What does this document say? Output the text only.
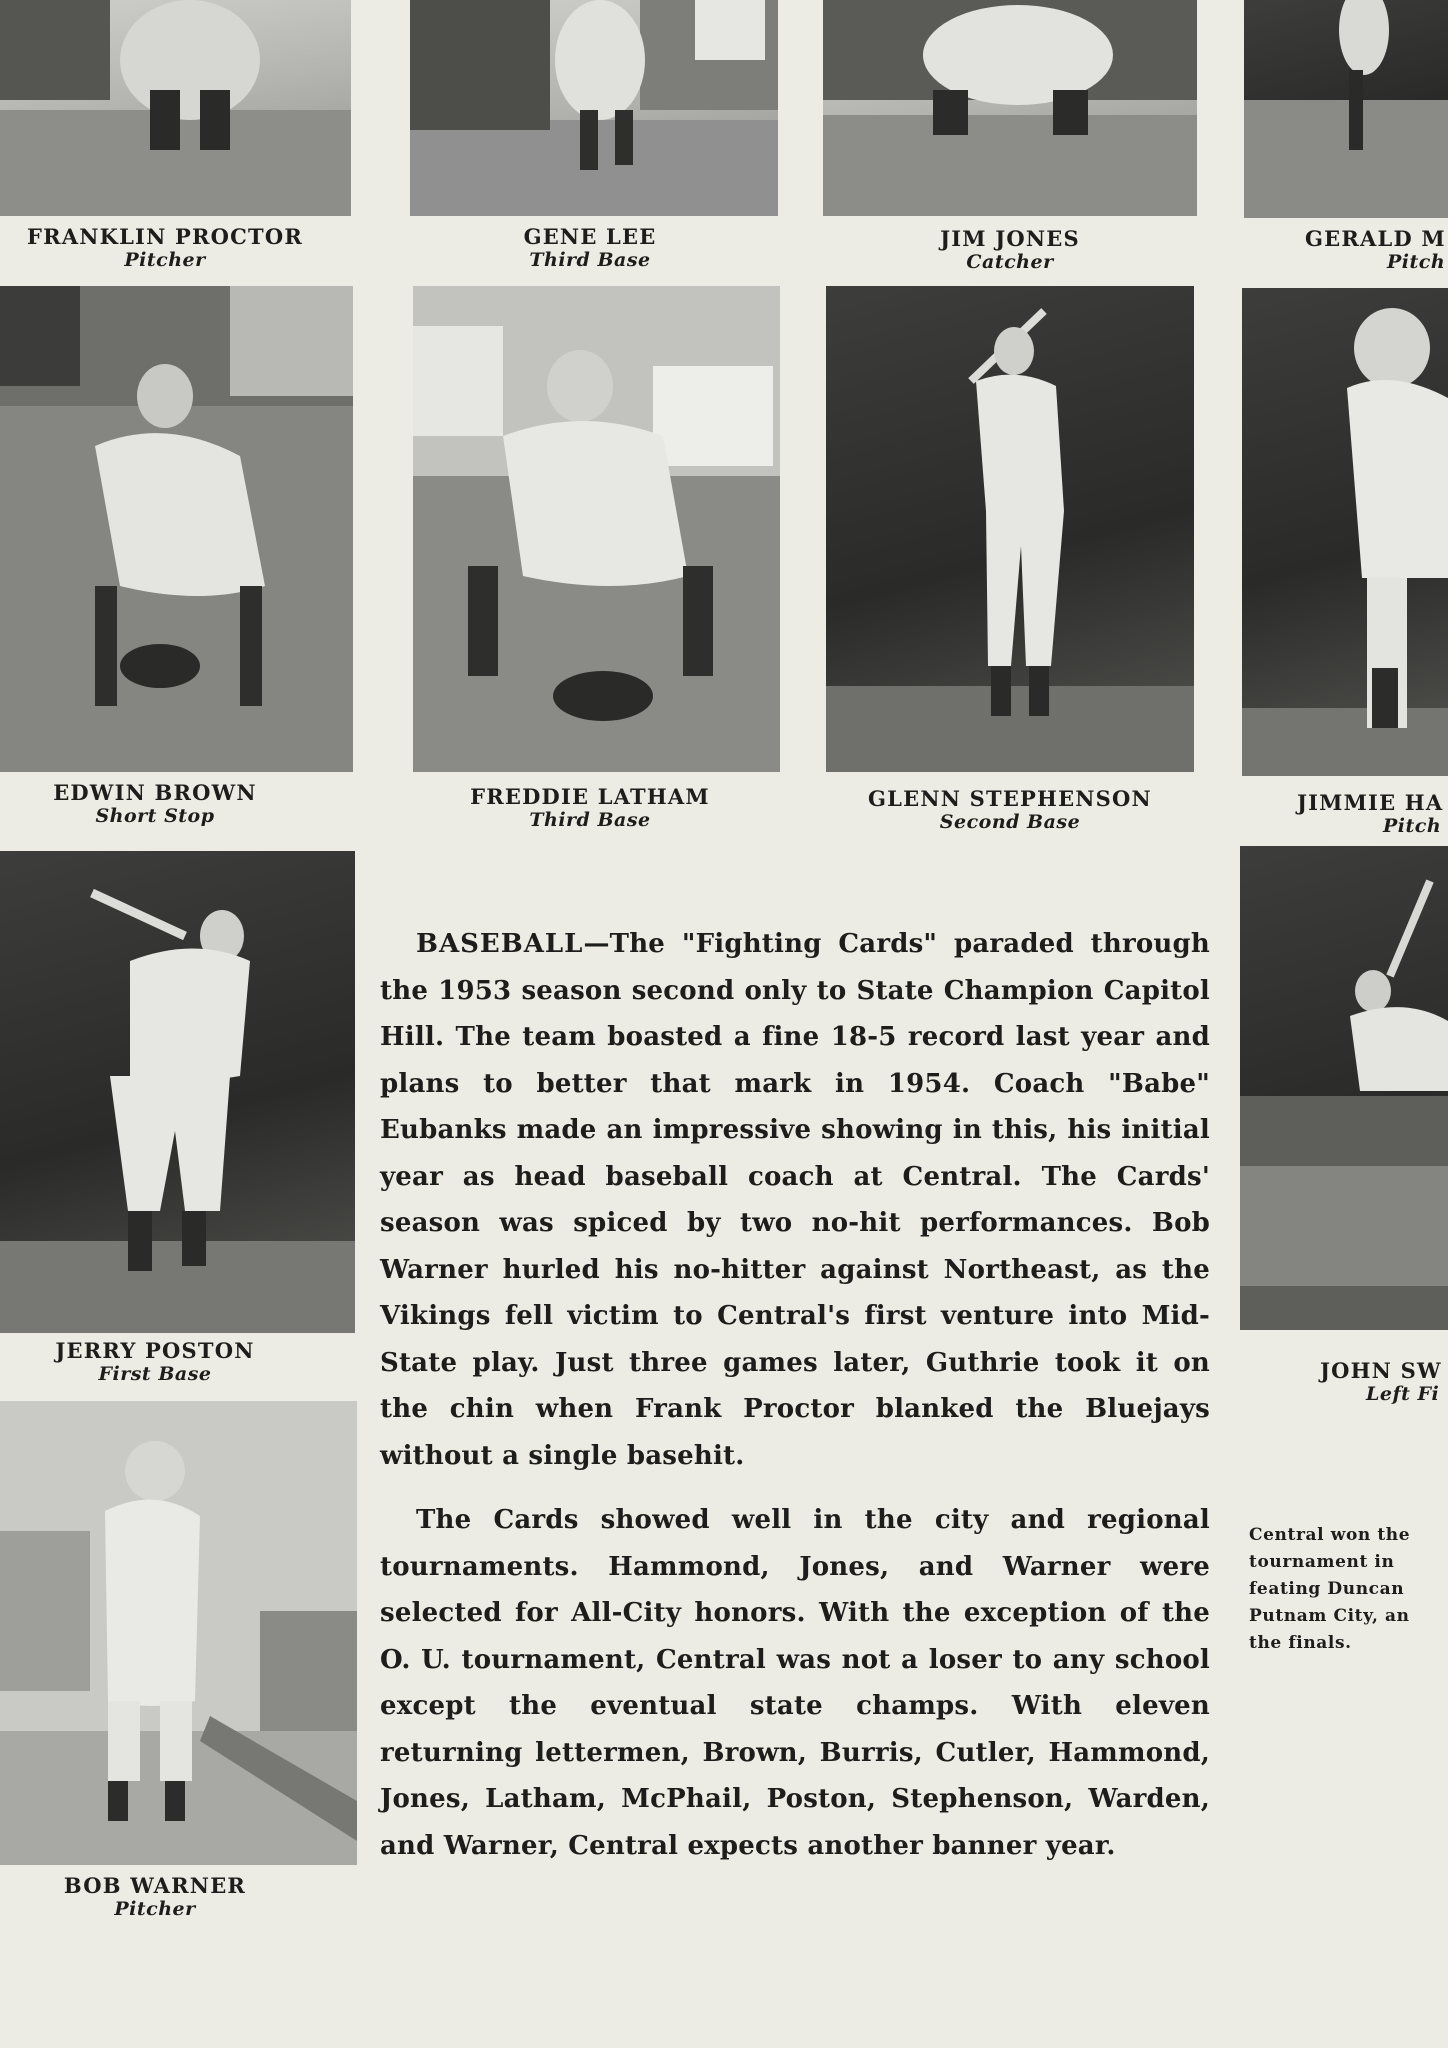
FRANKLIN PROCTOR
Pitcher
GENE LEE
Third Base
JIM JONES
Catcher
GERALD M
Pitch
EDWIN BROWN
Short Stop
FREDDIE LATHAM
Third Base
GLENN STEPHENSON
Second Base
JIMMIE HA
Pitch
JERRY POSTON
First Base	JOHN SW
Left Fi
BOB WARNER
Pitcher

BASEBALL—The "Fighting Cards" paraded through the 1953 season second only to State Champion Capitol Hill. The team boasted a fine 18-5 record last year and plans to better that mark in 1954. Coach "Babe" Eubanks made an impressive showing in this, his initial year as head baseball coach at Central. The Cards' season was spiced by two no-hit performances. Bob Warner hurled his no-hitter against Northeast, as the Vikings fell victim to Central's first venture into Mid-State play. Just three games later, Guthrie took it on the chin when Frank Proctor blanked the Bluejays without a single basehit.

The Cards showed well in the city and regional tournaments. Hammond, Jones, and Warner were selected for All-City honors. With the exception of the O. U. tournament, Central was not a loser to any school except the eventual state champs. With eleven returning lettermen, Brown, Burris, Cutler, Hammond, Jones, Latham, McPhail, Poston, Stephenson, Warden, and Warner, Central expects another banner year.

Central won the
tournament in
feating Duncan
Putnam City, an
the finals.
